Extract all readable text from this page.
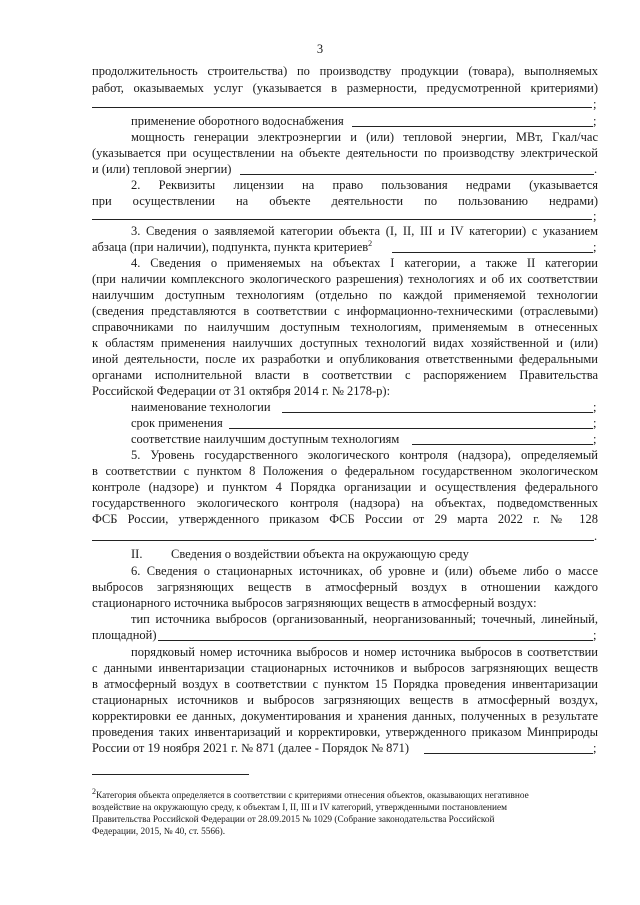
3
продолжительность строительства) по производству продукции (товара), выполняемых
работ, оказываемых услуг (указывается в размерности, предусмотренной критериями)
;
применение оборотного водоснабжения	;
мощность генерации электроэнергии и (или) тепловой энергии, МВт, Гкал/час
(указывается при осуществлении на объекте деятельности по производству электрической
и (или) тепловой энергии)	.
2. Реквизиты лицензии на право пользования недрами (указывается
при осуществлении на объекте деятельности по пользованию недрами)
;
3. Сведения о заявляемой категории объекта (I, II, III и IV категории) с указанием
абзаца (при наличии), подпункта, пункта критериев$^2$	;
4. Сведения о применяемых на объектах I категории, а также II категории
(при наличии комплексного экологического разрешения) технологиях и об их соответствии
наилучшим доступным технологиям (отдельно по каждой применяемой технологии
(сведения представляются в соответствии с информационно-техническими (отраслевыми)
справочниками по наилучшим доступным технологиям, применяемым в отнесенных
к областям применения наилучших доступных технологий видах хозяйственной и (или)
иной деятельности, после их разработки и опубликования ответственными федеральными
органами исполнительной власти в соответствии с распоряжением Правительства
Российской Федерации от 31 октября 2014 г. № 2178-р):
наименование технологии	;
срок применения	;
соответствие наилучшим доступным технологиям	;
5. Уровень государственного экологического контроля (надзора), определяемый
в соответствии с пунктом 8 Положения о федеральном государственном экологическом
контроле (надзоре) и пунктом 4 Порядка организации и осуществления федерального
государственного экологического контроля (надзора) на объектах, подведомственных
ФСБ России, утвержденного приказом ФСБ России от 29 марта 2022 г. № 128
.
II. Сведения о воздействии объекта на окружающую среду
6. Сведения о стационарных источниках, об уровне и (или) объеме либо о массе
выбросов загрязняющих веществ в атмосферный воздух в отношении каждого
стационарного источника выбросов загрязняющих веществ в атмосферный воздух:
тип источника выбросов (организованный, неорганизованный; точечный, линейный,
площадной)	;
порядковый номер источника выбросов и номер источника выбросов в соответствии
с данными инвентаризации стационарных источников и выбросов загрязняющих веществ
в атмосферный воздух в соответствии с пунктом 15 Порядка проведения инвентаризации
стационарных источников и выбросов загрязняющих веществ в атмосферный воздух,
корректировки ее данных, документирования и хранения данных, полученных в результате
проведения таких инвентаризаций и корректировки, утвержденного приказом Минприроды
России от 19 ноября 2021 г. № 871 (далее - Порядок № 871)	;
$^2$Категория объекта определяется в соответствии с критериями отнесения объектов, оказывающих негативное
воздействие на окружающую среду, к объектам I, II, III и IV категорий, утвержденными постановлением
Правительства Российской Федерации от 28.09.2015 № 1029 (Собрание законодательства Российской
Федерации, 2015, № 40, ст. 5566).
